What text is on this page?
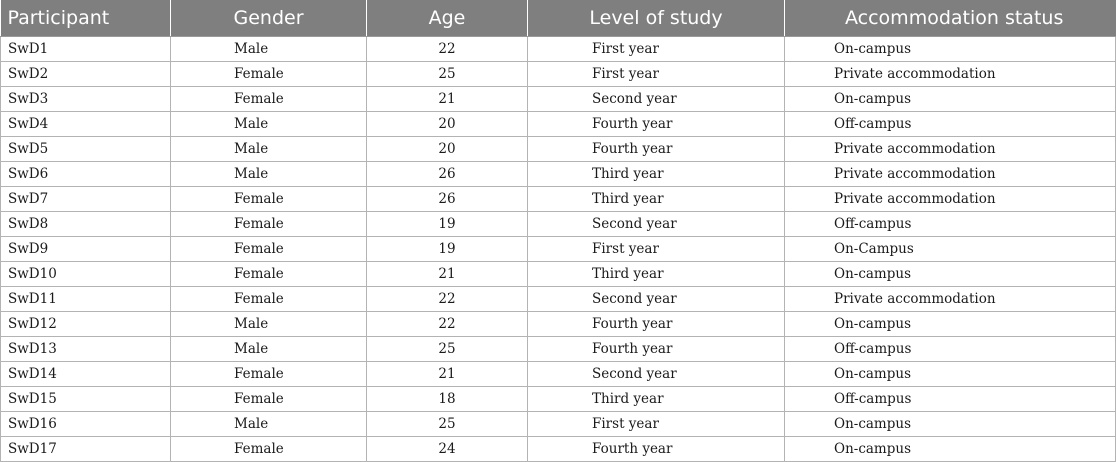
Participant	Gender	Age	Level of study	Accommodation status
SwD1	Male	22	First year	On-campus
SwD2	Female	25	First year	Private accommodation
SwD3	Female	21	Second year	On-campus
SwD4	Male	20	Fourth year	Off-campus
SwD5	Male	20	Fourth year	Private accommodation
SwD6	Male	26	Third year	Private accommodation
SwD7	Female	26	Third year	Private accommodation
SwD8	Female	19	Second year	Off-campus
SwD9	Female	19	First year	On-Campus
SwD10	Female	21	Third year	On-campus
SwD11	Female	22	Second year	Private accommodation
SwD12	Male	22	Fourth year	On-campus
SwD13	Male	25	Fourth year	Off-campus
SwD14	Female	21	Second year	On-campus
SwD15	Female	18	Third year	Off-campus
SwD16	Male	25	First year	On-campus
SwD17	Female	24	Fourth year	On-campus
